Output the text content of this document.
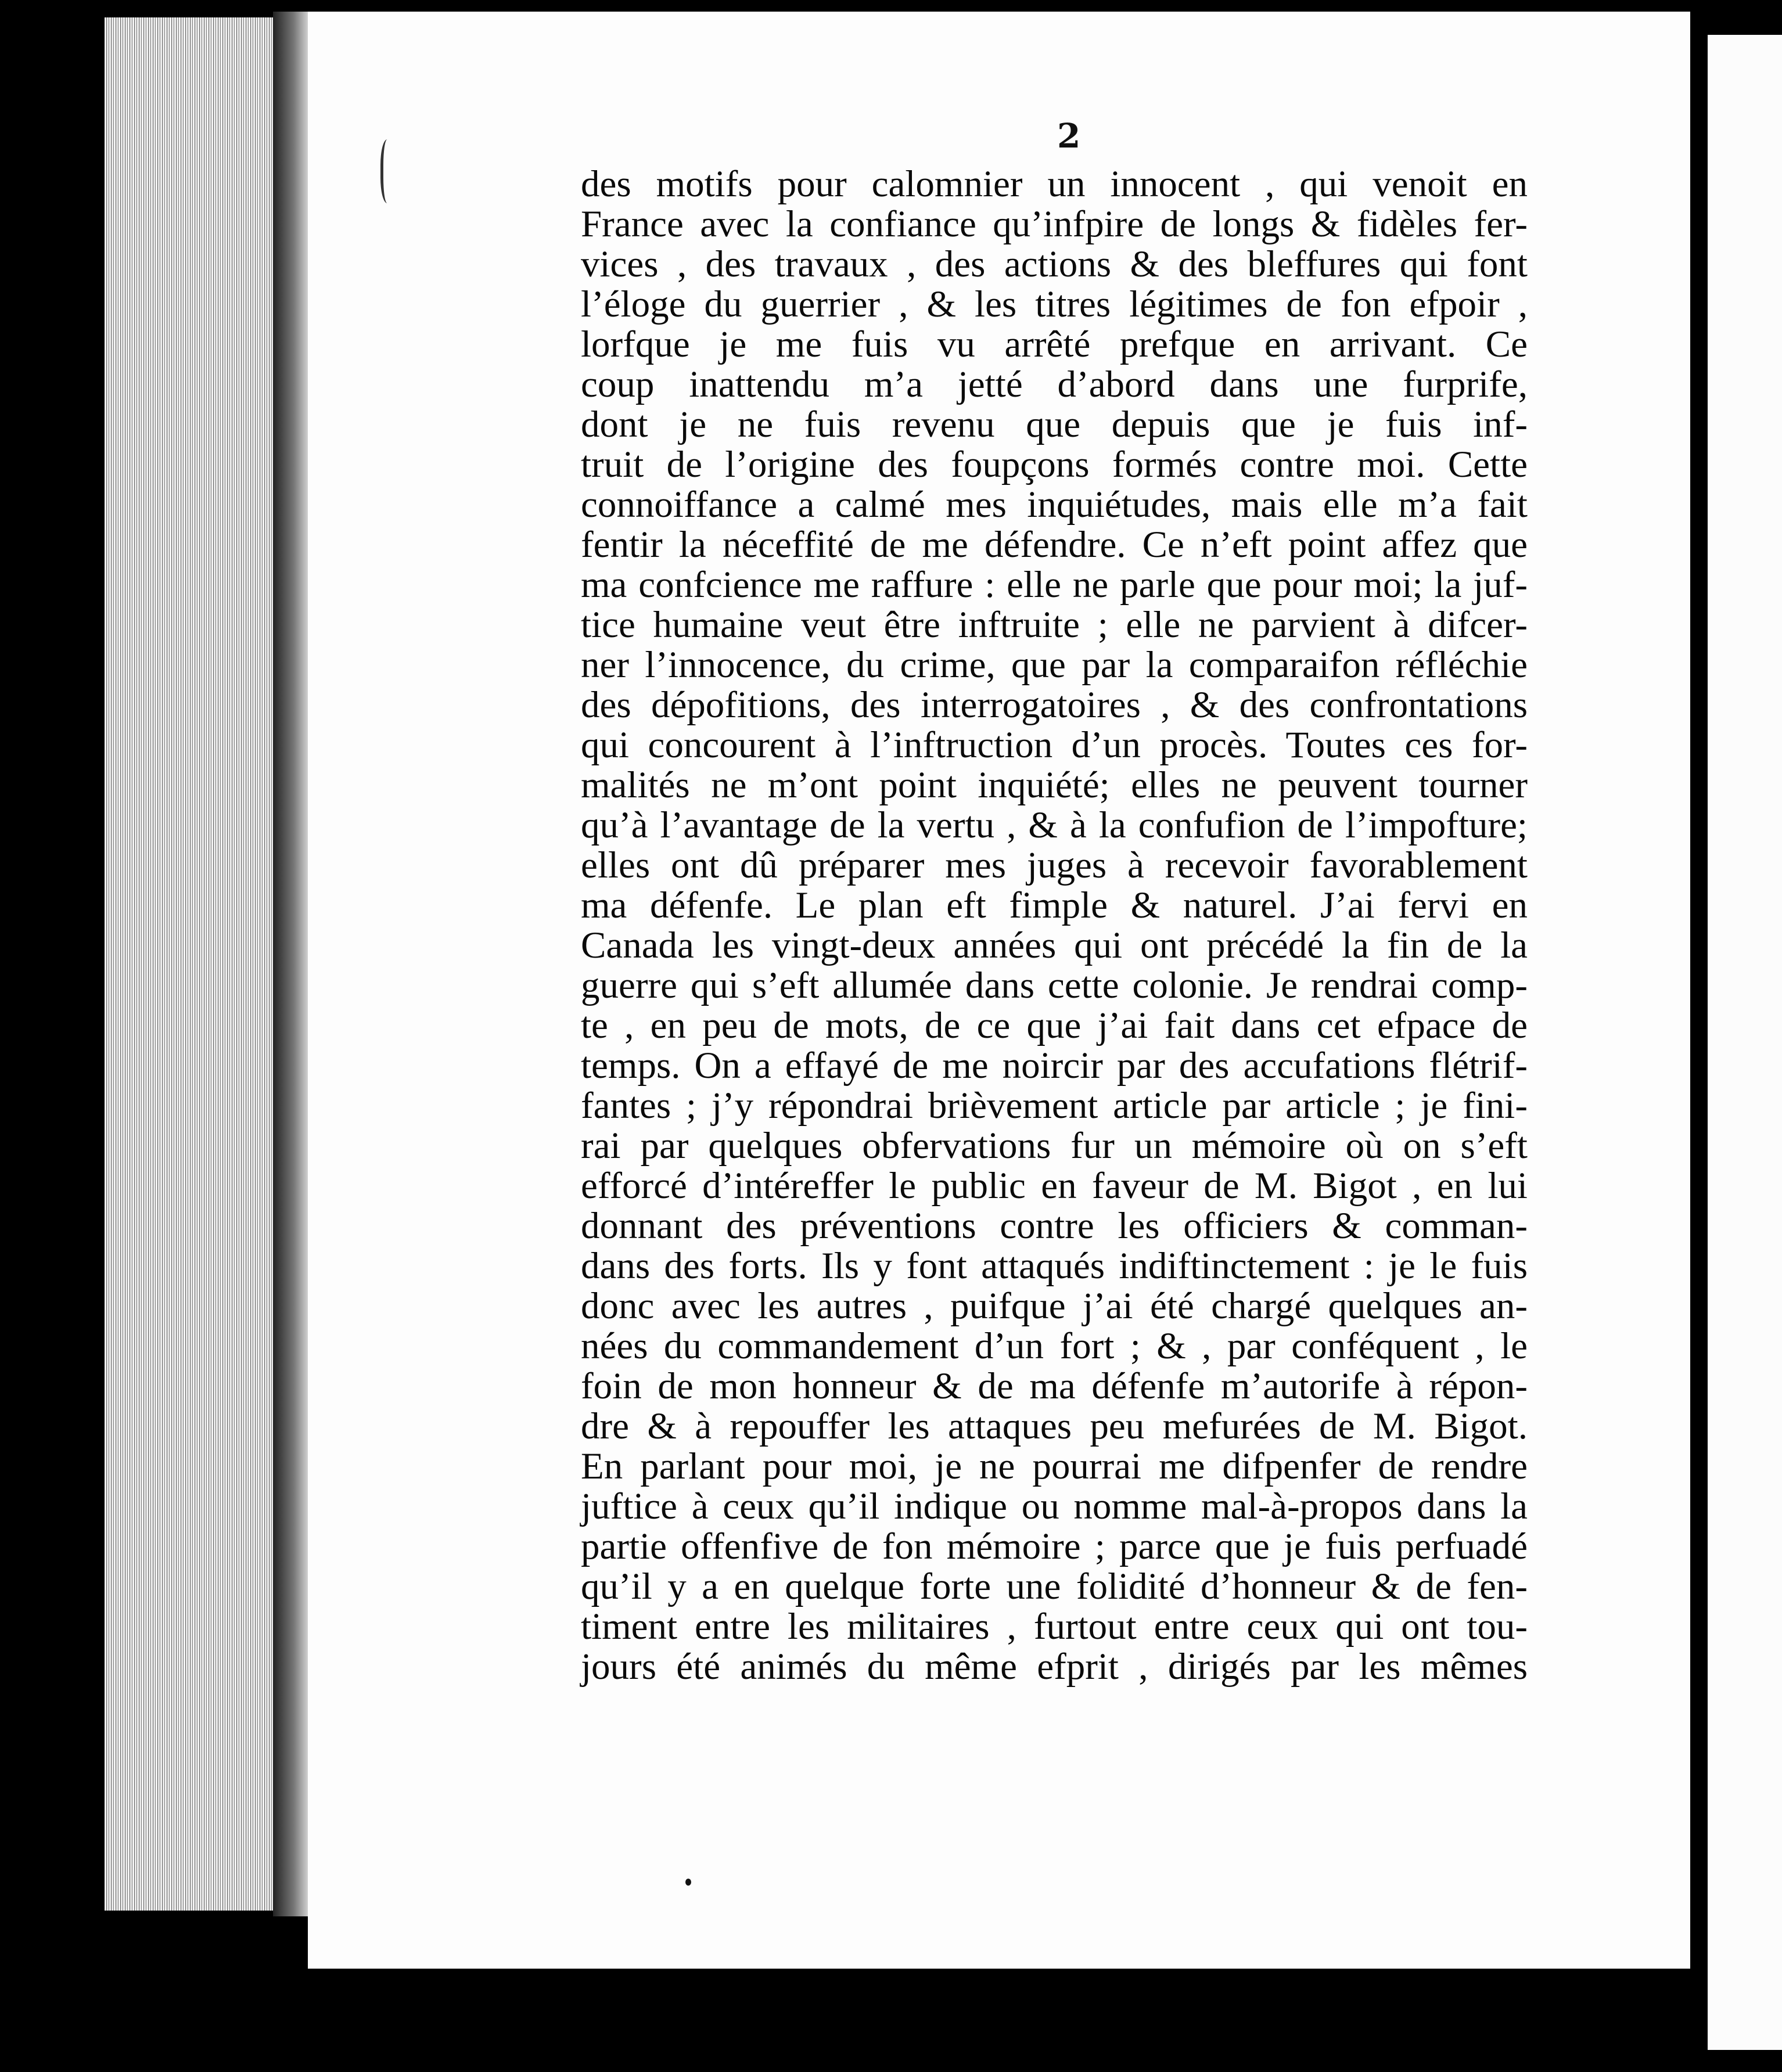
2
des motifs pour calomnier un innocent , qui venoit en
France avec la confiance qu’infpire de longs & fidèles fer-
vices , des travaux , des actions & des bleffures qui font
l’éloge du guerrier , & les titres légitimes de fon efpoir ,
lorfque je me fuis vu arrêté prefque en arrivant. Ce
coup inattendu m’a jetté d’abord dans une furprife,
dont je ne fuis revenu que depuis que je fuis inf-
truit de l’origine des foupçons formés contre moi. Cette
connoiffance a calmé mes inquiétudes, mais elle m’a fait
fentir la néceffité de me défendre. Ce n’eft point affez que
ma confcience me raffure : elle ne parle que pour moi; la juf-
tice humaine veut être inftruite ; elle ne parvient à difcer-
ner l’innocence, du crime, que par la comparaifon réfléchie
des dépofitions, des interrogatoires , & des confrontations
qui concourent à l’inftruction d’un procès. Toutes ces for-
malités ne m’ont point inquiété; elles ne peuvent tourner
qu’à l’avantage de la vertu , & à la confufion de l’impofture;
elles ont dû préparer mes juges à recevoir favorablement
ma défenfe. Le plan eft fimple & naturel. J’ai fervi en
Canada les vingt-deux années qui ont précédé la fin de la
guerre qui s’eft allumée dans cette colonie. Je rendrai comp-
te , en peu de mots, de ce que j’ai fait dans cet efpace de
temps. On a effayé de me noircir par des accufations flétrif-
fantes ; j’y répondrai brièvement article par article ; je fini-
rai par quelques obfervations fur un mémoire où on s’eft
efforcé d’intéreffer le public en faveur de M. Bigot , en lui
donnant des préventions contre les officiers & comman-
dans des forts. Ils y font attaqués indiftinctement : je le fuis
donc avec les autres , puifque j’ai été chargé quelques an-
nées du commandement d’un fort ; & , par conféquent , le
foin de mon honneur & de ma défenfe m’autorife à répon-
dre & à repouffer les attaques peu mefurées de M. Bigot.
En parlant pour moi, je ne pourrai me difpenfer de rendre
juftice à ceux qu’il indique ou nomme mal-à-propos dans la
partie offenfive de fon mémoire ; parce que je fuis perfuadé
qu’il y a en quelque forte une folidité d’honneur & de fen-
timent entre les militaires , furtout entre ceux qui ont tou-
jours été animés du même efprit , dirigés par les mêmes
